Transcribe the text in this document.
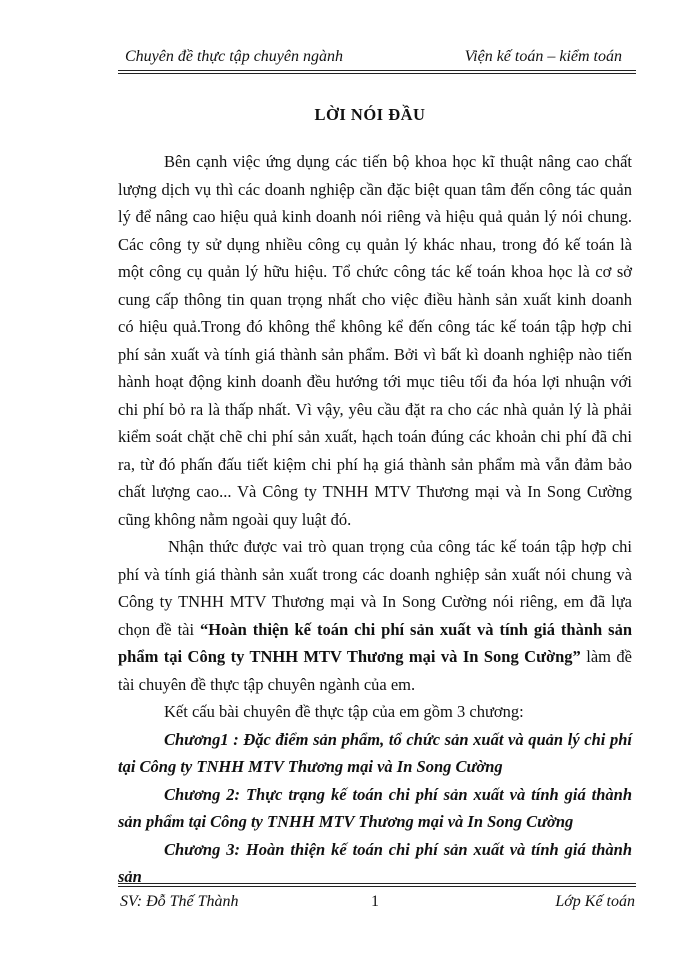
Chuyên đề thực tập chuyên ngành	Viện kế toán – kiểm toán
LỜI NÓI ĐẦU

Bên cạnh việc ứng dụng các tiến bộ khoa học kĩ thuật nâng cao chất lượng dịch vụ thì các doanh nghiệp cần đặc biệt quan tâm đến công tác quản lý để nâng cao hiệu quả kinh doanh nói riêng và hiệu quả quản lý nói chung. Các công ty sử dụng nhiều công cụ quản lý khác nhau, trong đó kế toán là một công cụ quản lý hữu hiệu. Tổ chức công tác kế toán khoa học là cơ sở cung cấp thông tin quan trọng nhất cho việc điều hành sản xuất kinh doanh có hiệu quả.Trong đó không thể không kể đến công tác kế toán tập hợp chi phí sản xuất và tính giá thành sản phẩm. Bởi vì bất kì doanh nghiệp nào tiến hành hoạt động kinh doanh đều hướng tới mục tiêu tối đa hóa lợi nhuận với chi phí bỏ ra là thấp nhất. Vì vậy, yêu cầu đặt ra cho các nhà quản lý là phải kiểm soát chặt chẽ chi phí sản xuất, hạch toán đúng các khoản chi phí đã chi ra, từ đó phấn đấu tiết kiệm chi phí hạ giá thành sản phẩm mà vẫn đảm bảo chất lượng cao... Và Công ty TNHH MTV Thương mại và In Song Cường cũng không nằm ngoài quy luật đó.

Nhận thức được vai trò quan trọng của công tác kế toán tập hợp chi phí và tính giá thành sản xuất trong các doanh nghiệp sản xuất nói chung và Công ty TNHH MTV Thương mại và In Song Cường nói riêng, em đã lựa chọn đề tài “Hoàn thiện kế toán chi phí sản xuất và tính giá thành sản phẩm tại Công ty TNHH MTV Thương mại và In Song Cường” làm đề tài chuyên đề thực tập chuyên ngành của em.

Kết cấu bài chuyên đề thực tập của em gồm 3 chương:

Chương1 : Đặc điểm sản phẩm, tổ chức sản xuất và quản lý chi phí tại Công ty TNHH MTV Thương mại và In Song Cường

Chương 2: Thực trạng kế toán chi phí sản xuất và tính giá thành sản phẩm tại Công ty TNHH MTV Thương mại và In Song Cường

Chương 3: Hoàn thiện kế toán chi phí sản xuất và tính giá thành sản

SV: Đỗ Thế Thành	1	Lớp Kế toán
